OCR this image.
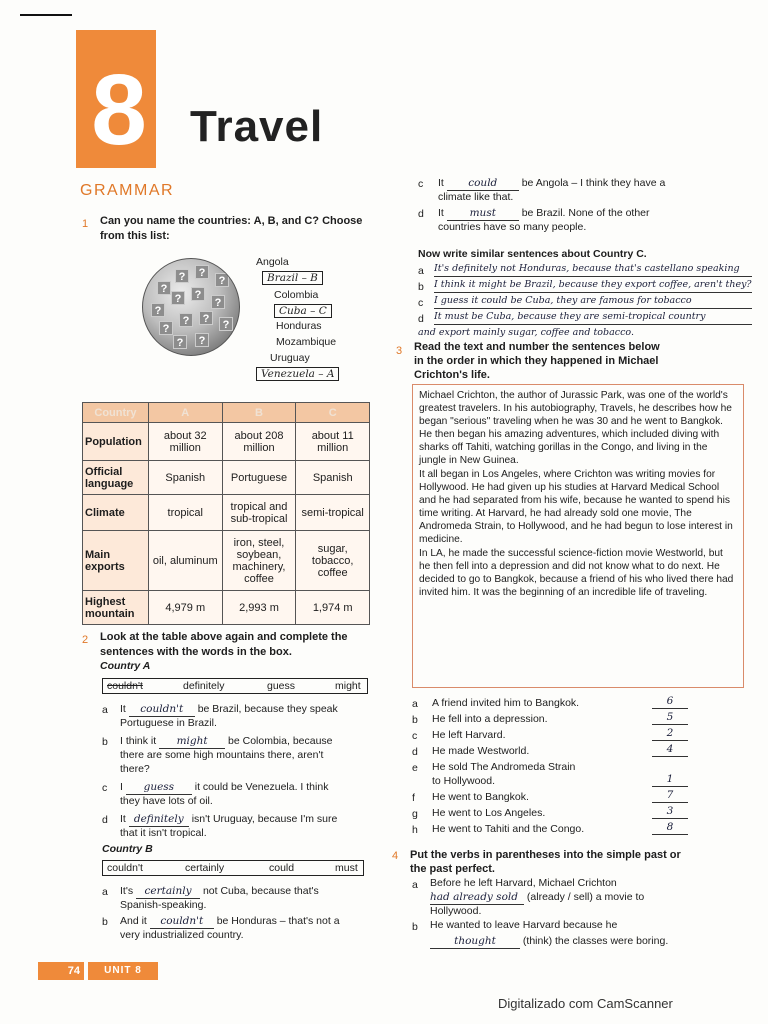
8 Travel
GRAMMAR
1 Can you name the countries: A, B, and C? Choose
from this list:
?
?	?
?
?
?	?
?
?
?	?	?
?	?
Angola
Brazil – B
Colombia
Cuba – C
Honduras
Mozambique
Uruguay
Venezuela – A
Country	A	B	C
Population	about 32 million	about 208 million	about 11 million
Official language	Spanish	Portuguese	Spanish
Climate	tropical	tropical and sub-tropical	semi-tropical
Main exports	oil, aluminum	iron, steel, soybean, machinery, coffee	sugar, tobacco, coffee
Highest mountain	4,979 m	2,993 m	1,974 m
2 Look at the table above again and complete the
sentences with the words in the box.
Country A
couldn't	definitely	guess	might
a It couldn't be Brazil, because they speak
Portuguese in Brazil.
b I think it might be Colombia, because
there are some high mountains there, aren't
there?
c I guess it could be Venezuela. I think
they have lots of oil.
d It definitely isn't Uruguay, because I'm sure
that it isn't tropical.
Country B
couldn't	certainly	could	must
a It's certainly not Cuba, because that's
Spanish-speaking.
b And it couldn't be Honduras – that's not a
very industrialized country.
c It could be Angola – I think they have a
climate like that.
d It must be Brazil. None of the other
countries have so many people.
Now write similar sentences about Country C.
a It's definitely not Honduras, because that's castellano speaking
b I think it might be Brazil, because they export coffee, aren't they?
c I guess it could be Cuba, they are famous for tobacco
d It must be Cuba, because they are semi-tropical country
and export mainly sugar, coffee and tobacco.
3 Read the text and number the sentences below
in the order in which they happened in Michael
Crichton's life.

Michael Crichton, the author of Jurassic Park, was one of the world's greatest travelers. In his autobiography, Travels, he describes how he began "serious" traveling when he was 30 and he went to Bangkok. He then began his amazing adventures, which included diving with sharks off Tahiti, watching gorillas in the Congo, and living in the jungle in New Guinea.

It all began in Los Angeles, where Crichton was writing movies for Hollywood. He had given up his studies at Harvard Medical School and he had separated from his wife, because he wanted to spend his time writing. At Harvard, he had already sold one movie, The Andromeda Strain, to Hollywood, and he had begun to lose interest in medicine.

In LA, he made the successful science-fiction movie Westworld, but he then fell into a depression and did not know what to do next. He decided to go to Bangkok, because a friend of his who lived there had invited him. It was the beginning of an incredible life of traveling.

a A friend invited him to Bangkok.	6
b He fell into a depression.	5
c He left Harvard.	2
d He made Westworld.	4
e He sold The Andromeda Strain
to Hollywood.	1
f He went to Bangkok.	7
g He went to Los Angeles.	3
h He went to Tahiti and the Congo.	8
4 Put the verbs in parentheses into the simple past or
the past perfect.
a Before he left Harvard, Michael Crichton
had already sold (already / sell) a movie to
Hollywood.
b He wanted to leave Harvard because he
thought	(think) the classes were boring.
74	UNIT 8
Digitalizado com CamScanner
